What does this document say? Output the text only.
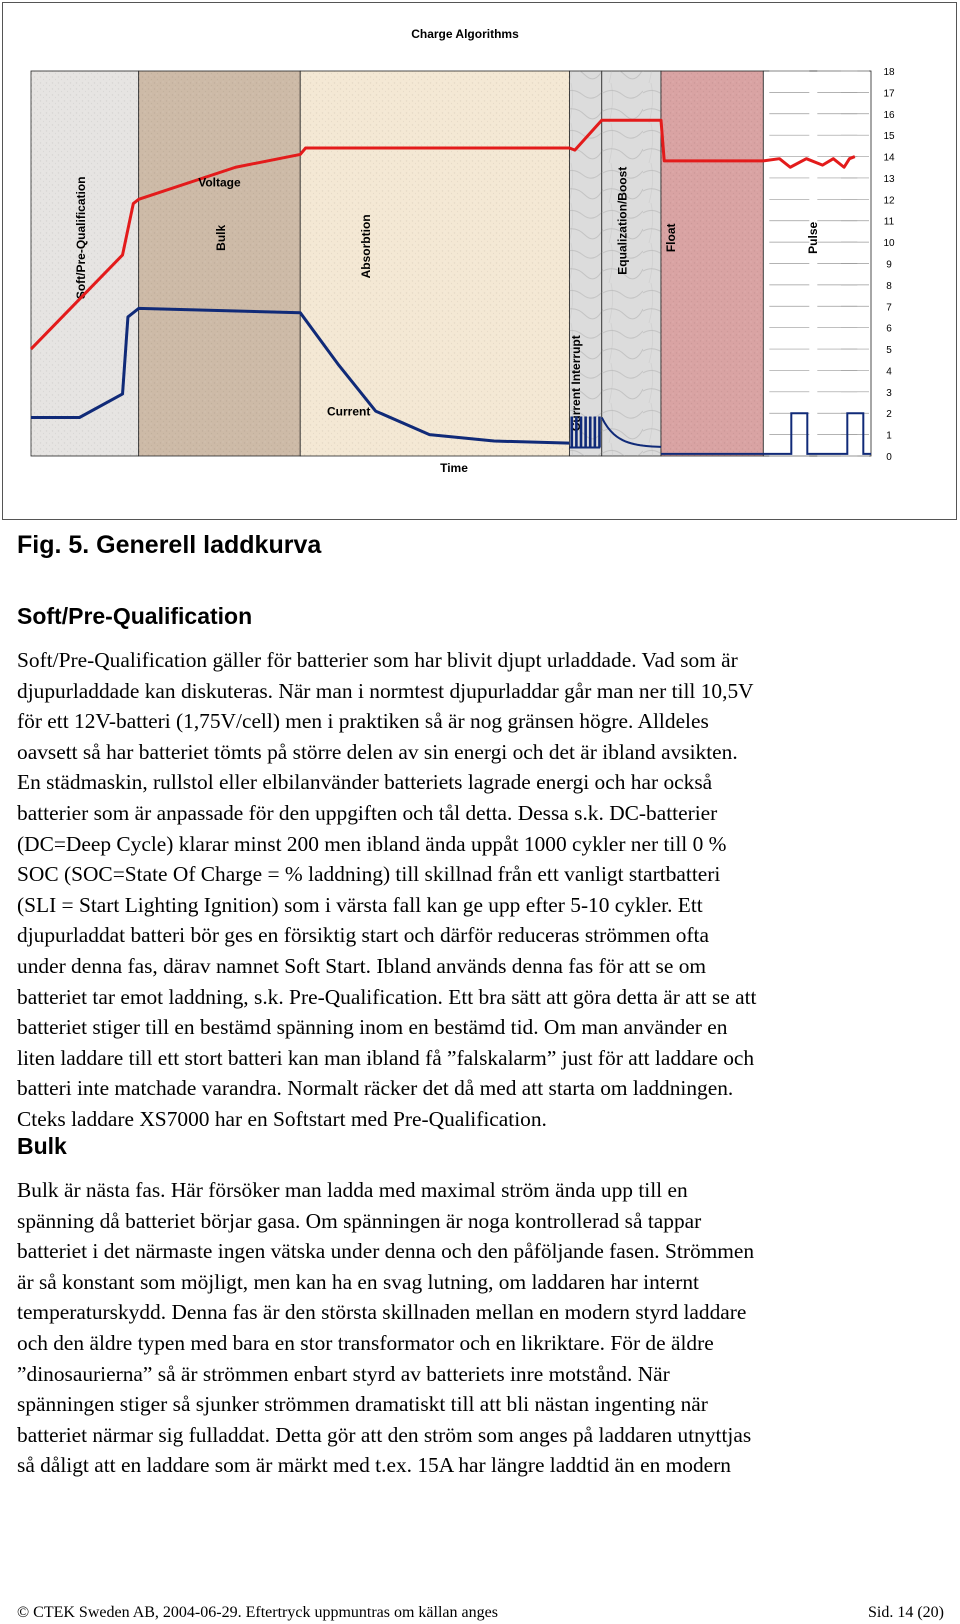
Charge Algorithms
Soft/Pre-Qualification	Bulk	Absorbtion
Current Interrupt
Equalization/Boost	Float	Pulse
Voltage
Current
0
1
2
3
4
5
6
7
8
9
10
11
12
13
14
15
16
17
18
Time
Fig. 5. Generell laddkurva
Soft/Pre-Qualification
Soft/Pre-Qualification gäller för batterier som har blivit djupt urladdade. Vad som är
djupurladdade kan diskuteras. När man i normtest djupurladdar går man ner till 10,5V
för ett 12V-batteri (1,75V/cell) men i praktiken så är nog gränsen högre. Alldeles
oavsett så har batteriet tömts på större delen av sin energi och det är ibland avsikten.
En städmaskin, rullstol eller elbilanvänder batteriets lagrade energi och har också
batterier som är anpassade för den uppgiften och tål detta. Dessa s.k. DC-batterier
(DC=Deep Cycle) klarar minst 200 men ibland ända uppåt 1000 cykler ner till 0 %
SOC (SOC=State Of Charge = % laddning) till skillnad från ett vanligt startbatteri
(SLI = Start Lighting Ignition) som i värsta fall kan ge upp efter 5-10 cykler. Ett
djupurladdat batteri bör ges en försiktig start och därför reduceras strömmen ofta
under denna fas, därav namnet Soft Start. Ibland används denna fas för att se om
batteriet tar emot laddning, s.k. Pre-Qualification. Ett bra sätt att göra detta är att se att
batteriet stiger till en bestämd spänning inom en bestämd tid. Om man använder en
liten laddare till ett stort batteri kan man ibland få ”falskalarm” just för att laddare och
batteri inte matchade varandra. Normalt räcker det då med att starta om laddningen.
Cteks laddare XS7000 har en Softstart med Pre-Qualification.
Bulk
Bulk är nästa fas. Här försöker man ladda med maximal ström ända upp till en
spänning då batteriet börjar gasa. Om spänningen är noga kontrollerad så tappar
batteriet i det närmaste ingen vätska under denna och den påföljande fasen. Strömmen
är så konstant som möjligt, men kan ha en svag lutning, om laddaren har internt
temperaturskydd. Denna fas är den största skillnaden mellan en modern styrd laddare
och den äldre typen med bara en stor transformator och en likriktare. För de äldre
”dinosaurierna” så är strömmen enbart styrd av batteriets inre motstånd. När
spänningen stiger så sjunker strömmen dramatiskt till att bli nästan ingenting när
batteriet närmar sig fulladdat. Detta gör att den ström som anges på laddaren utnyttjas
så dåligt att en laddare som är märkt med t.ex. 15A har längre laddtid än en modern
© CTEK Sweden AB, 2004-06-29. Eftertryck uppmuntras om källan anges	Sid. 14 (20)
